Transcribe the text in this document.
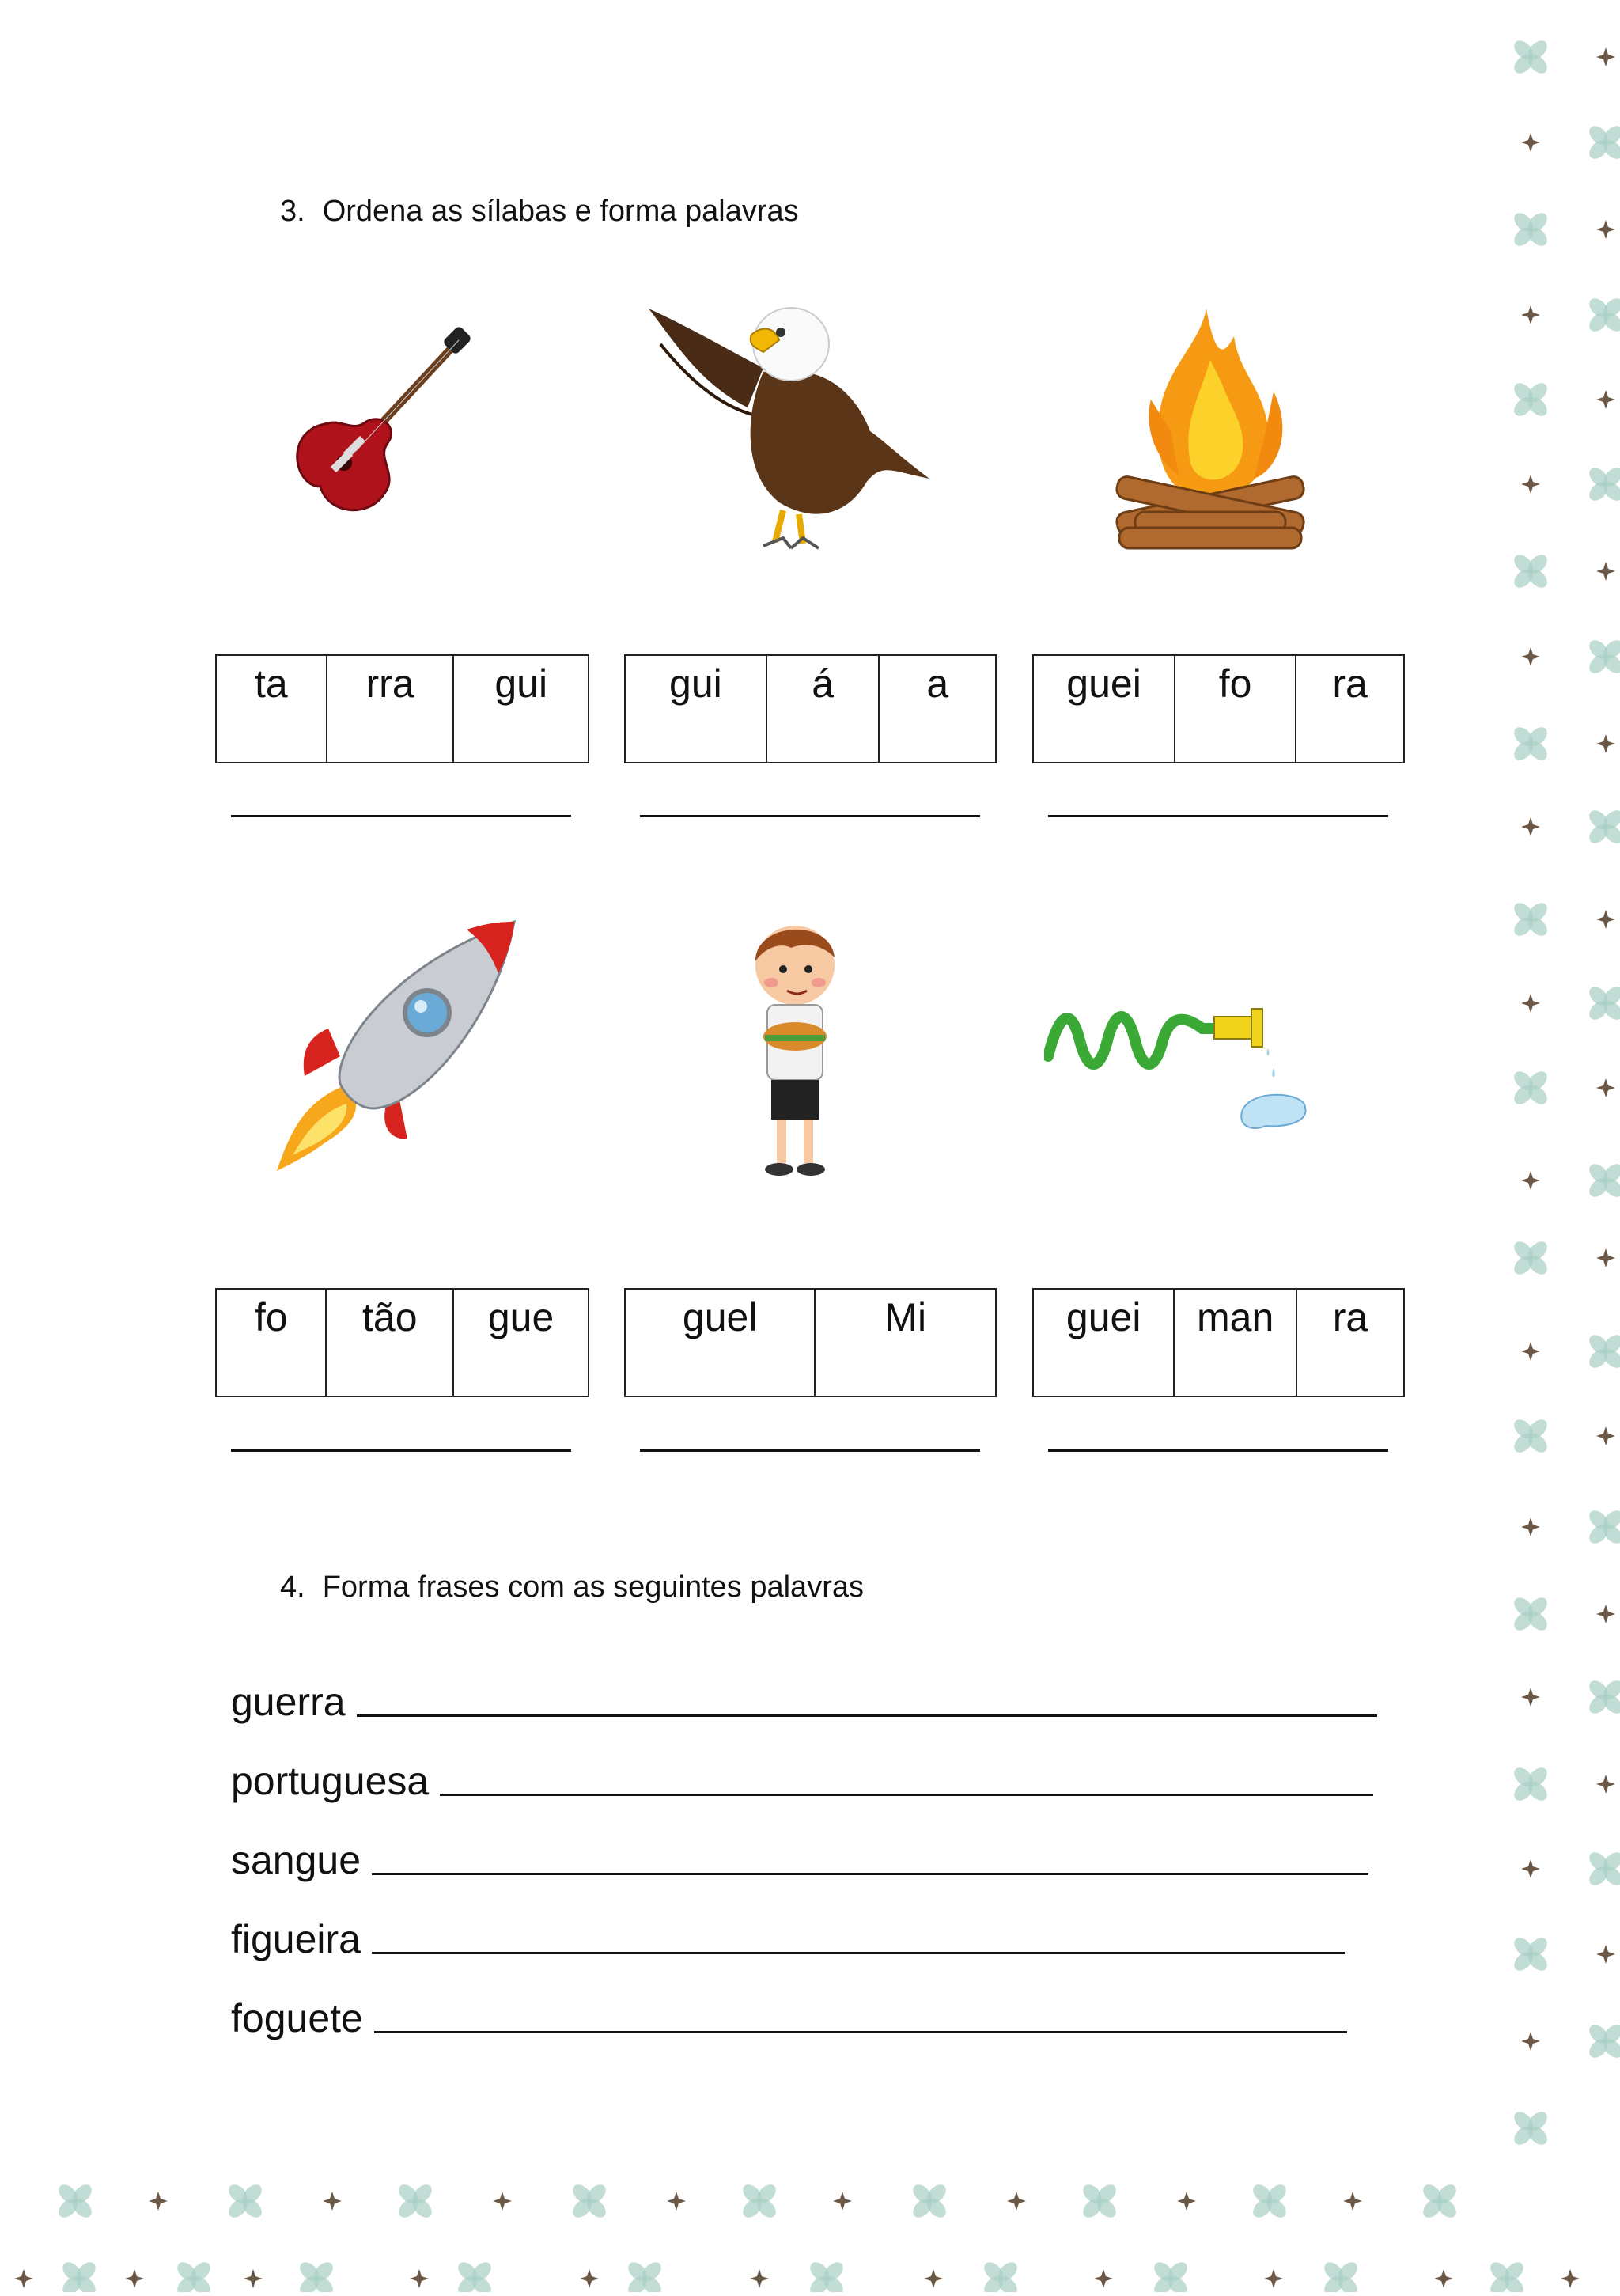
3. Ordena as sílabas e forma palavras
ta	rra	gui	gui	á	a	guei	fo	ra
fo	tão	gue	guel	Mi	guei	man	ra
4. Forma frases com as seguintes palavras
guerra
portuguesa
sangue
figueira
foguete
